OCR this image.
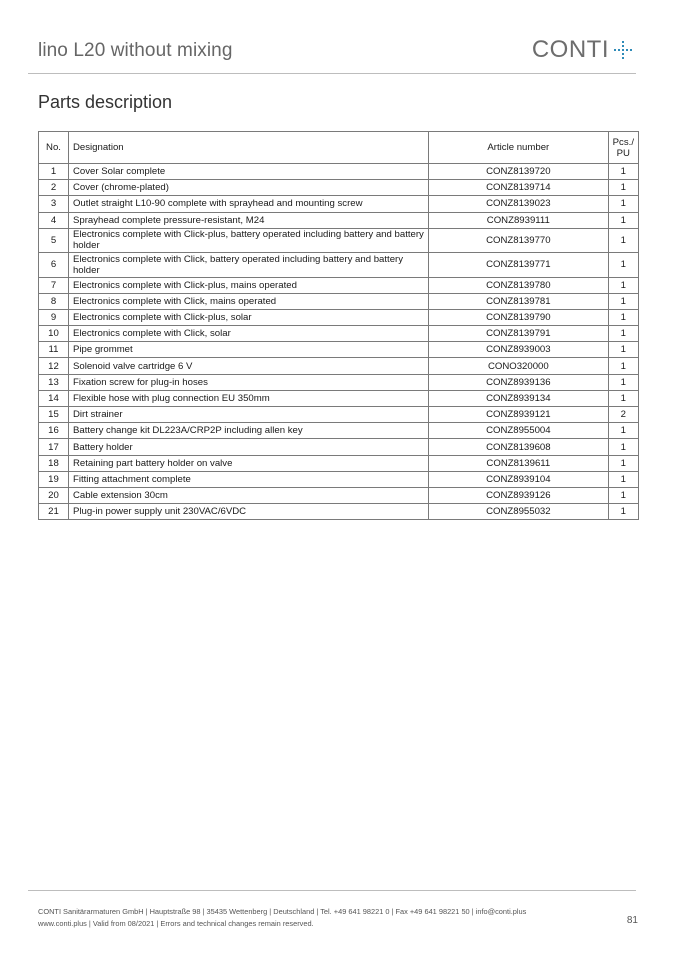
lino L20 without mixing	CONTI
Parts description
No.	Designation	Article number	Pcs./
PU
1	Cover Solar complete	CONZ8139720	1
2	Cover (chrome-plated)	CONZ8139714	1
3	Outlet straight L10-90 complete with sprayhead and mounting screw	CONZ8139023	1
4	Sprayhead complete pressure-resistant, M24	CONZ8939111	1
5	Electronics complete with Click-plus, battery operated including battery and battery holder	CONZ8139770	1
6	Electronics complete with Click, battery operated including battery and battery holder	CONZ8139771	1
7	Electronics complete with Click-plus, mains operated	CONZ8139780	1
8	Electronics complete with Click, mains operated	CONZ8139781	1
9	Electronics complete with Click-plus, solar	CONZ8139790	1
10	Electronics complete with Click, solar	CONZ8139791	1
11	Pipe grommet	CONZ8939003	1
12	Solenoid valve cartridge 6 V	CONO320000	1
13	Fixation screw for plug-in hoses	CONZ8939136	1
14	Flexible hose with plug connection EU 350mm	CONZ8939134	1
15	Dirt strainer	CONZ8939121	2
16	Battery change kit DL223A/CRP2P including allen key	CONZ8955004	1
17	Battery holder	CONZ8139608	1
18	Retaining part battery holder on valve	CONZ8139611	1
19	Fitting attachment complete	CONZ8939104	1
20	Cable extension 30cm	CONZ8939126	1
21	Plug-in power supply unit 230VAC/6VDC	CONZ8955032	1
CONTI Sanitärarmaturen GmbH | Hauptstraße 98 | 35435 Wettenberg | Deutschland | Tel. +49 641 98221 0 | Fax +49 641 98221 50 | info@conti.plus
www.conti.plus | Valid from 08/2021 | Errors and technical changes remain reserved.	81
